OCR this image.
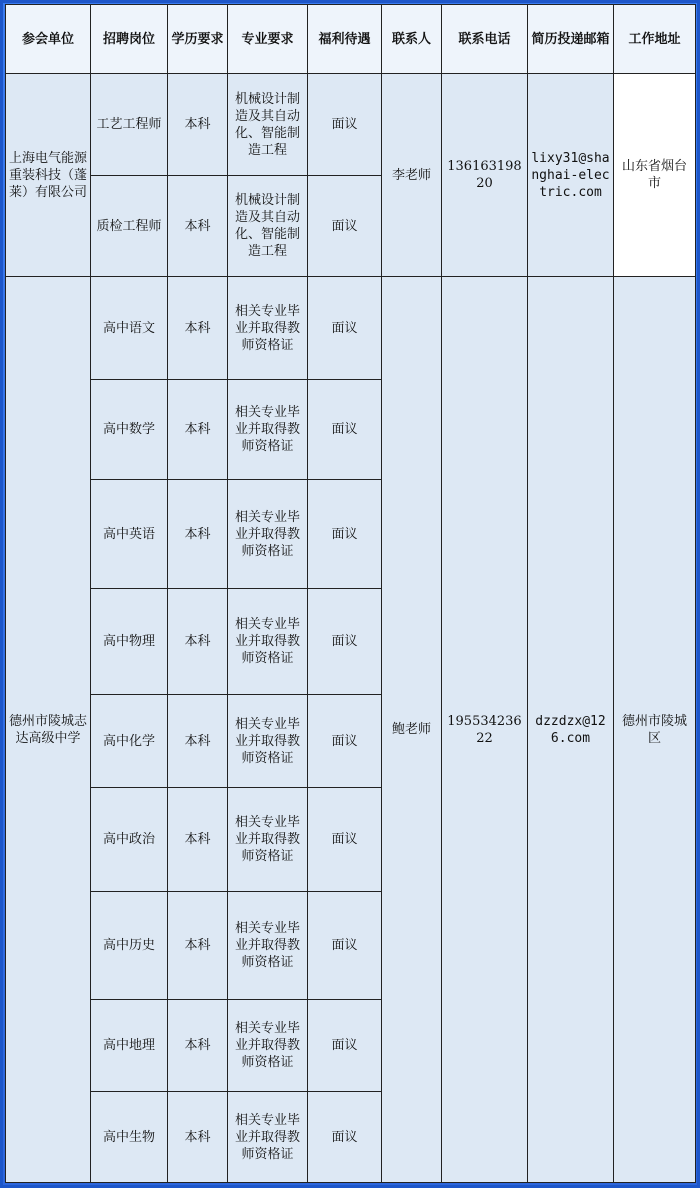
参会单位	招聘岗位	学历要求	专业要求	福利待遇	联系人	联系电话	简历投递邮箱	工作地址
上海电气能源重装科技（蓬莱）有限公司	工艺工程师	本科	机械设计制造及其自动化、智能制造工程	面议	李老师	13616319820	lixy31@shanghai-electric.com	山东省烟台市
	质检工程师	本科	机械设计制造及其自动化、智能制造工程	面议				
德州市陵城志达高级中学	高中语文	本科	相关专业毕业并取得教师资格证	面议	鲍老师	19553423622	dzzdzx@126.com	德州市陵城区
	高中数学	本科	相关专业毕业并取得教师资格证	面议				
	高中英语	本科	相关专业毕业并取得教师资格证	面议				
	高中物理	本科	相关专业毕业并取得教师资格证	面议				
	高中化学	本科	相关专业毕业并取得教师资格证	面议				
	高中政治	本科	相关专业毕业并取得教师资格证	面议				
	高中历史	本科	相关专业毕业并取得教师资格证	面议				
	高中地理	本科	相关专业毕业并取得教师资格证	面议				
	高中生物	本科	相关专业毕业并取得教师资格证	面议				
